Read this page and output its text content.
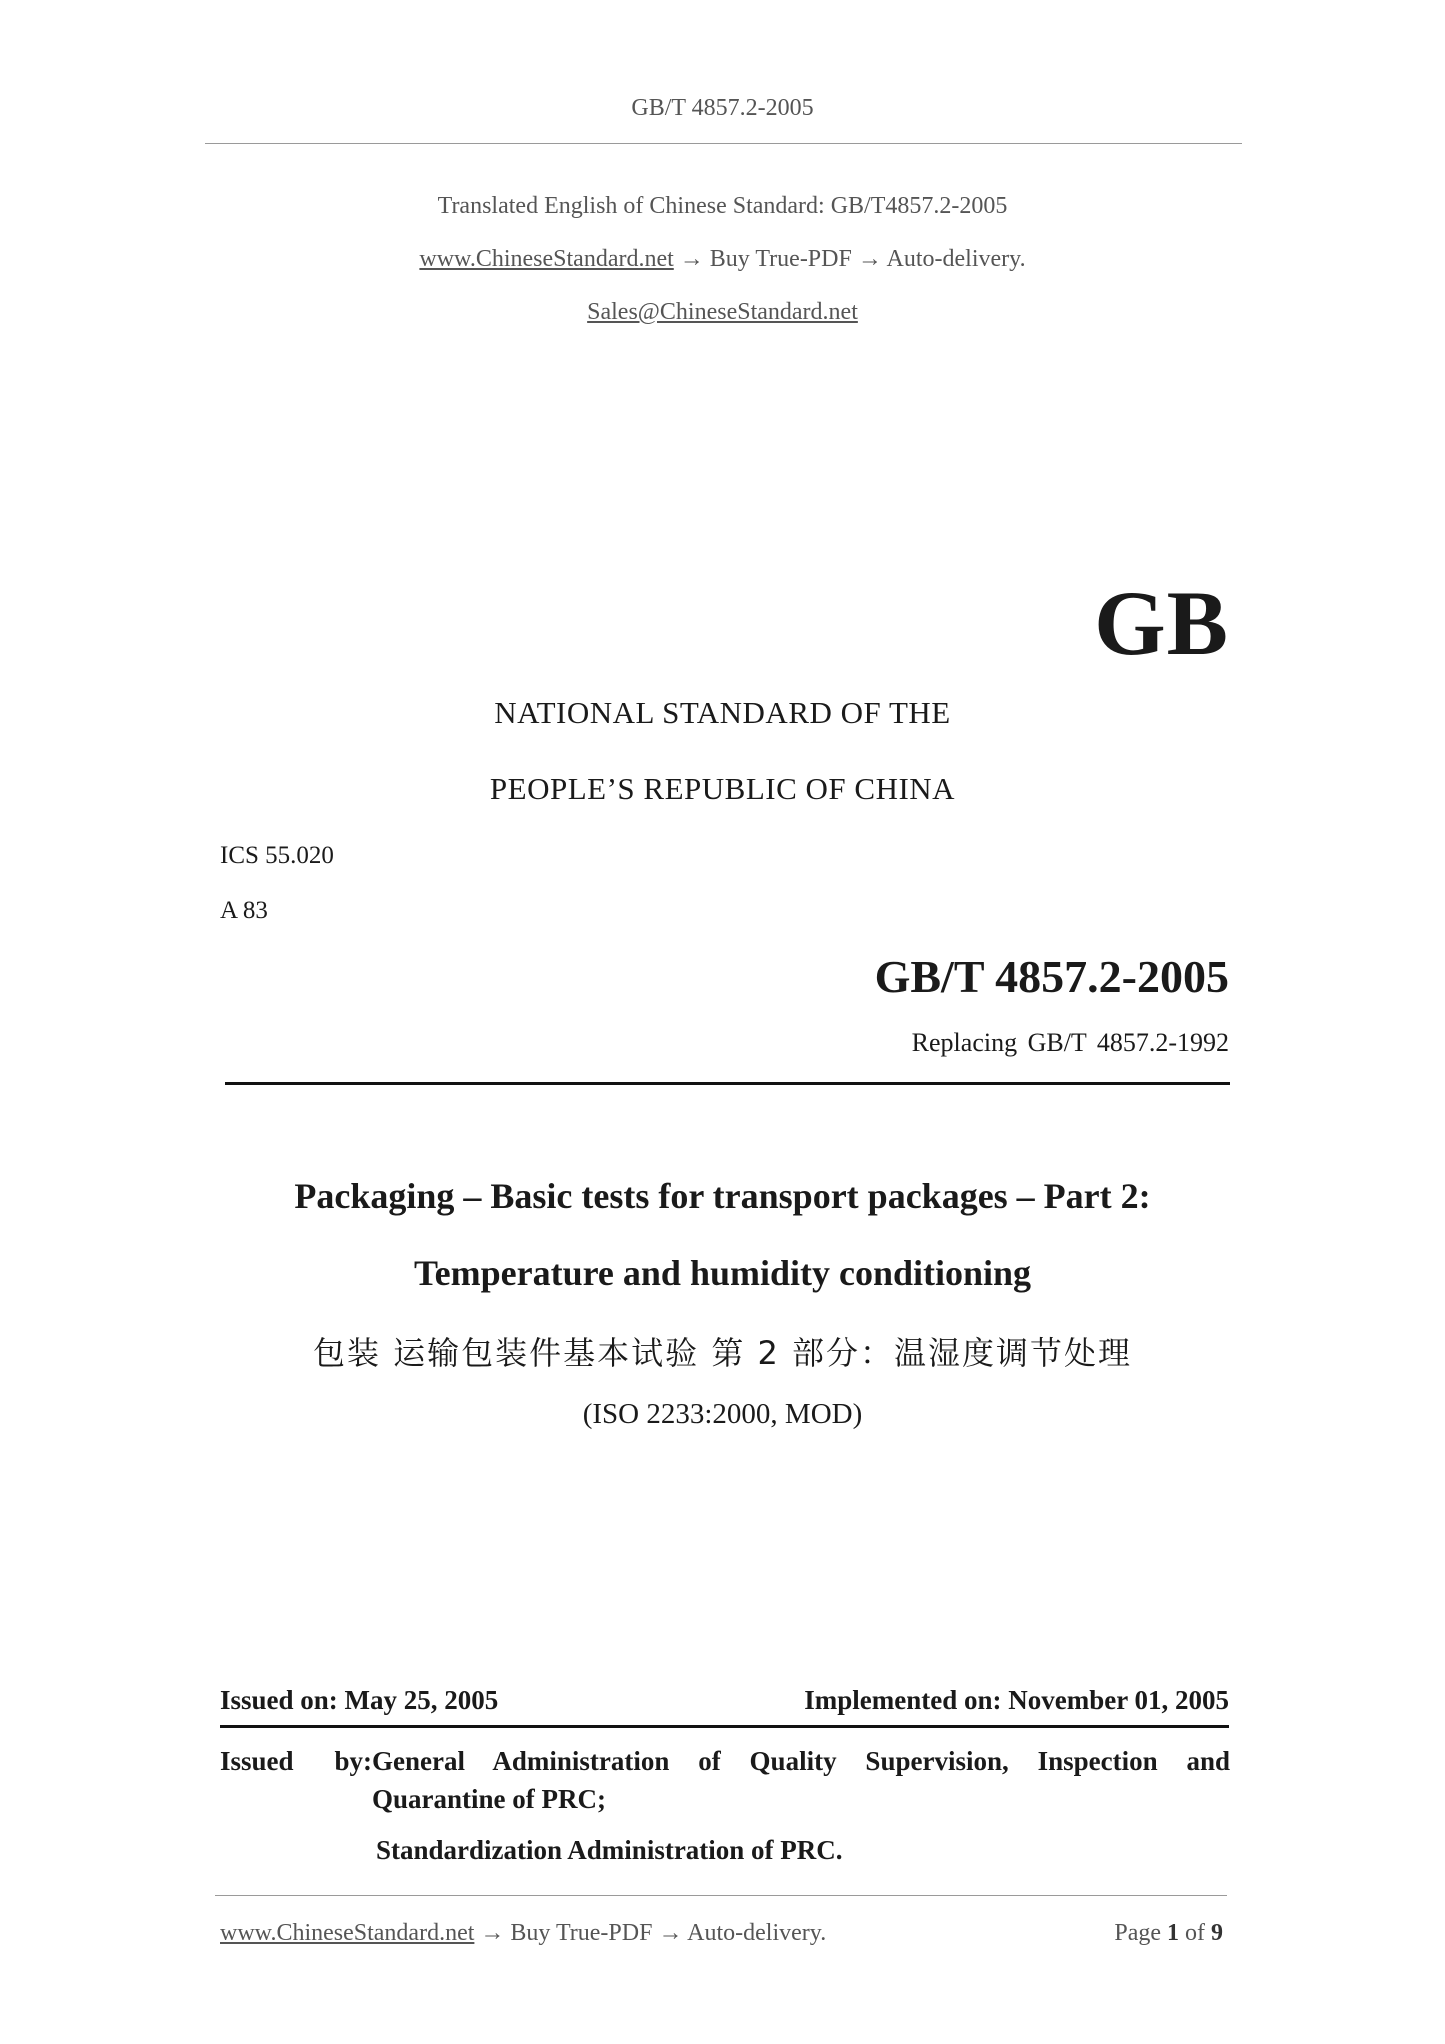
GB/T 4857.2-2005
Translated English of Chinese Standard: GB/T4857.2-2005
www.ChineseStandard.net → Buy True-PDF → Auto-delivery.
Sales@ChineseStandard.net
GB
NATIONAL STANDARD OF THE
PEOPLE’S REPUBLIC OF CHINA
ICS 55.020
A 83
GB/T 4857.2-2005
Replacing GB/T 4857.2-1992
Packaging – Basic tests for transport packages – Part 2:
Temperature and humidity conditioning
包装 运输包装件基本试验 第 2 部分：温湿度调节处理
(ISO 2233:2000, MOD)
Issued on: May 25, 2005	Implemented on: November 01, 2005
Issued by:General Administration of Quality Supervision, Inspection and
Quarantine of PRC;
Standardization Administration of PRC.
www.ChineseStandard.net → Buy True-PDF → Auto-delivery.	Page 1 of 9
